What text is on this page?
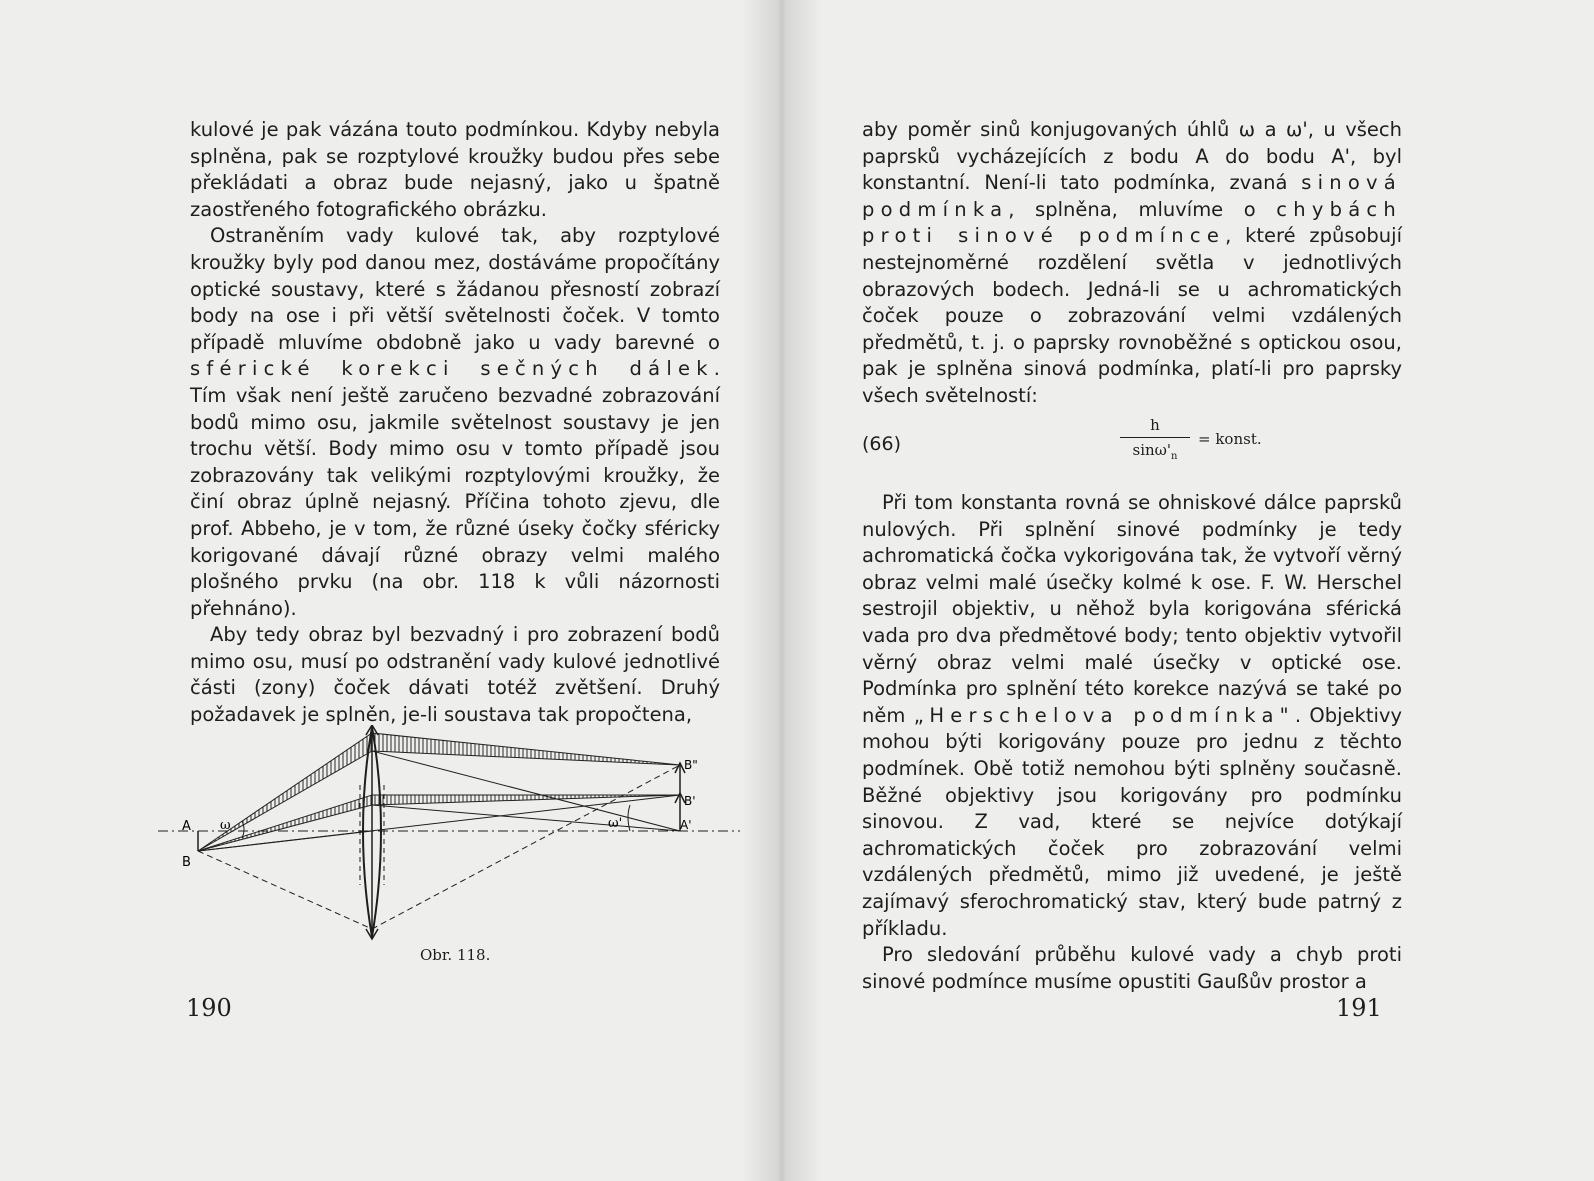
kulové je pak vázána touto podmínkou. Kdyby nebyla splněna, pak se rozptylové kroužky budou přes sebe překládati a obraz bude nejasný, jako u špatně zaostřeného fotografického obrázku.

Ostraněním vady kulové tak, aby rozptylové kroužky byly pod danou mez, dostáváme propočítány optické soustavy, které s žádanou přesností zobrazí body na ose i při větší světelnosti čoček. V tomto případě mluvíme obdobně jako u vady barevné o sférické korekci sečných dálek. Tím však není ještě zaručeno bezvadné zobrazování bodů mimo osu, jakmile světelnost soustavy je jen trochu větší. Body mimo osu v tomto případě jsou zobrazovány tak velikými rozptylovými kroužky, že činí obraz úplně nejasný. Příčina tohoto zjevu, dle prof. Abbeho, je v tom, že různé úseky čočky sféricky korigované dávají různé obrazy velmi malého plošného prvku (na obr. 118 k vůli názornosti přehnáno).

Aby tedy obraz byl bezvadný i pro zobrazení bodů mimo osu, musí po odstranění vady kulové jednotlivé části (zony) čoček dávati totéž zvětšení. Druhý požadavek je splněn, je-li soustava tak propočtena,

A
B
ω	ω'	A'
B'
B"
Obr. 118.
190

aby poměr sinů konjugovaných úhlů ω a ω', u všech paprsků vycházejících z bodu A do bodu A', byl konstantní. Není-li tato podmínka, zvaná sinová podmínka, splněna, mluvíme o chybách proti sinové podmínce, které způsobují nestejnoměrné rozdělení světla v jednotlivých obrazových bodech. Jedná-li se u achromatických čoček pouze o zobrazování velmi vzdálených předmětů, t. j. o paprsky rovnoběžné s optickou osou, pak je splněna sinová podmínka, platí-li pro paprsky všech světelností:

(66)
h
$\sin\omega'_n$
= konst.

Při tom konstanta rovná se ohniskové dálce paprsků nulových. Při splnění sinové podmínky je tedy achromatická čočka vykorigována tak, že vytvoří věrný obraz velmi malé úsečky kolmé k ose. F. W. Herschel sestrojil objektiv, u něhož byla korigována sférická vada pro dva předmětové body; tento objektiv vytvořil věrný obraz velmi malé úsečky v optické ose. Podmínka pro splnění této korekce nazývá se také po něm „Herschelova podmínka". Objektivy mohou býti korigovány pouze pro jednu z těchto podmínek. Obě totiž nemohou býti splněny současně. Běžné objektivy jsou korigovány pro podmínku sinovou. Z vad, které se nejvíce dotýkají achromatických čoček pro zobrazování velmi vzdálených předmětů, mimo již uvedené, je ještě zajímavý sferochromatický stav, který bude patrný z příkladu.

Pro sledování průběhu kulové vady a chyb proti sinové podmínce musíme opustiti Gaußův prostor a

191
